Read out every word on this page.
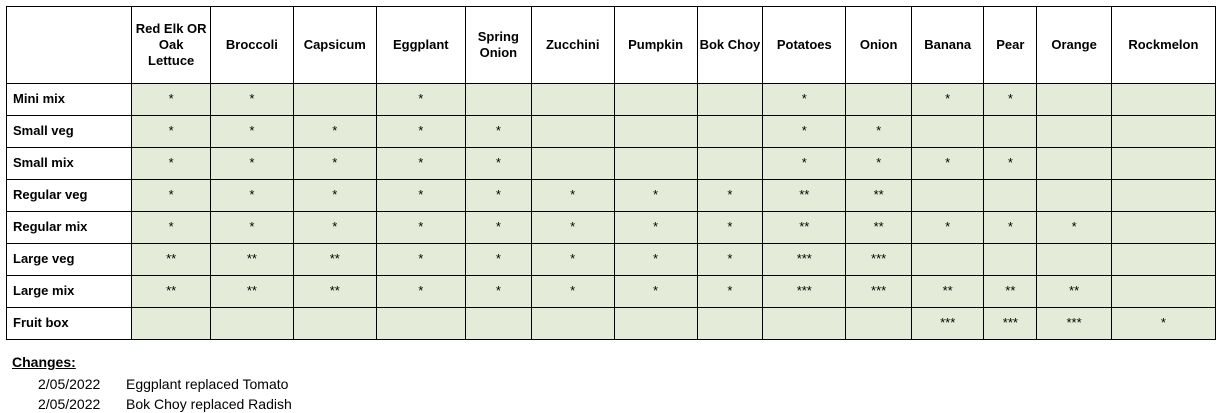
	Red Elk OR Oak Lettuce	Broccoli	Capsicum	Eggplant	Spring Onion	Zucchini	Pumpkin	Bok Choy	Potatoes	Onion	Banana	Pear	Orange	Rockmelon
Mini mix	*	*		*					*		*	*		
Small veg	*	*	*	*	*				*	*				
Small mix	*	*	*	*	*				*	*	*	*		
Regular veg	*	*	*	*	*	*	*	*	**	**				
Regular mix	*	*	*	*	*	*	*	*	**	**	*	*	*	
Large veg	**	**	**	*	*	*	*	*	***	***				
Large mix	**	**	**	*	*	*	*	*	***	***	**	**	**	
Fruit box											***	***	***	*
Changes:
2/05/2022	Eggplant replaced Tomato
2/05/2022	Bok Choy replaced Radish
